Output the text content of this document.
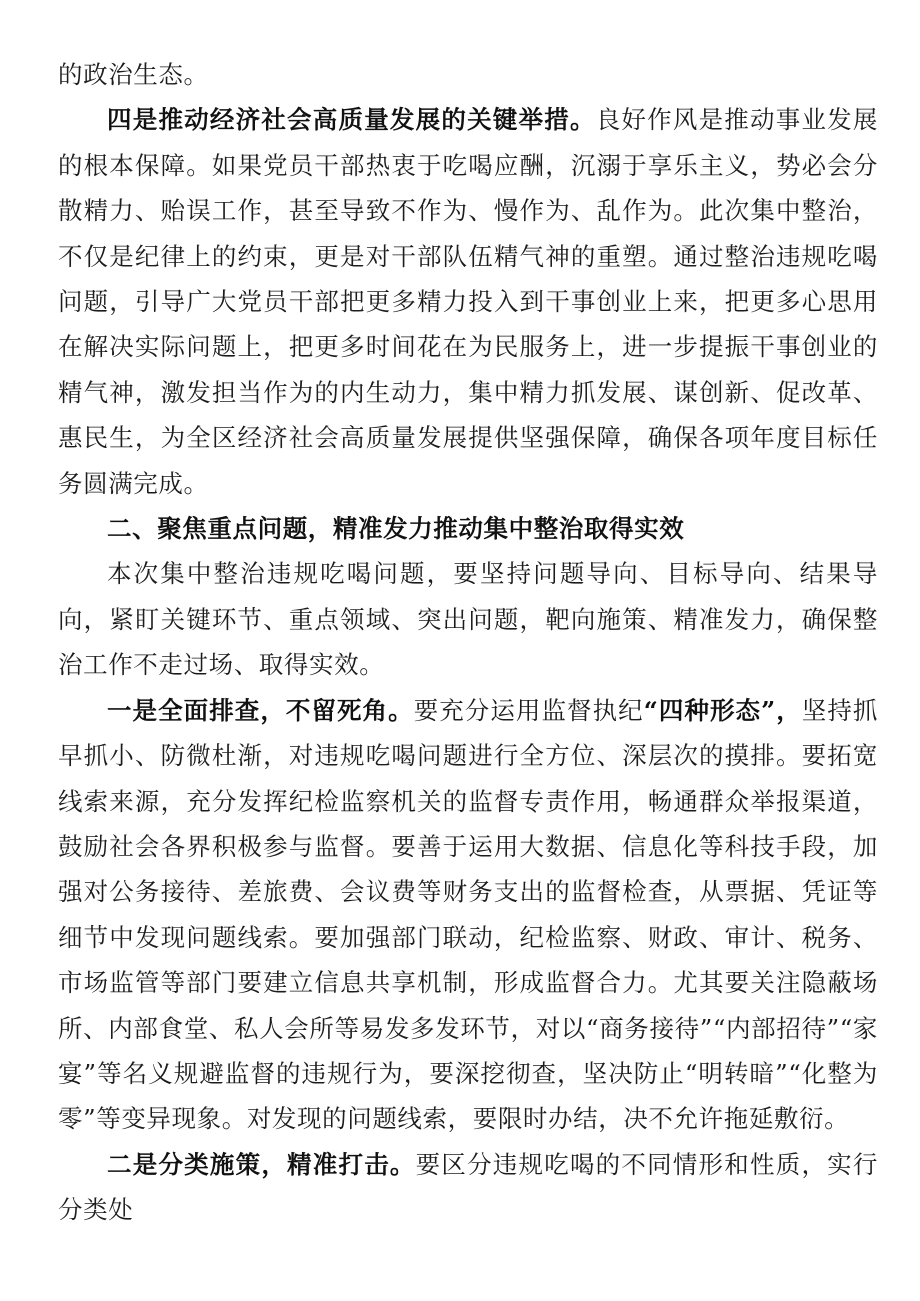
的政治生态。

四是推动经济社会高质量发展的关键举措。良好作风是推动事业发展的根本保障。如果党员干部热衷于吃喝应酬，沉溺于享乐主义，势必会分散精力、贻误工作，甚至导致不作为、慢作为、乱作为。此次集中整治，不仅是纪律上的约束，更是对干部队伍精气神的重塑。通过整治违规吃喝问题，引导广大党员干部把更多精力投入到干事创业上来，把更多心思用在解决实际问题上，把更多时间花在为民服务上，进一步提振干事创业的精气神，激发担当作为的内生动力，集中精力抓发展、谋创新、促改革、惠民生，为全区经济社会高质量发展提供坚强保障，确保各项年度目标任务圆满完成。

二、聚焦重点问题，精准发力推动集中整治取得实效

本次集中整治违规吃喝问题，要坚持问题导向、目标导向、结果导向，紧盯关键环节、重点领域、突出问题，靶向施策、精准发力，确保整治工作不走过场、取得实效。

一是全面排查，不留死角。要充分运用监督执纪“四种形态”，坚持抓早抓小、防微杜渐，对违规吃喝问题进行全方位、深层次的摸排。要拓宽线索来源，充分发挥纪检监察机关的监督专责作用，畅通群众举报渠道，鼓励社会各界积极参与监督。要善于运用大数据、信息化等科技手段，加强对公务接待、差旅费、会议费等财务支出的监督检查，从票据、凭证等细节中发现问题线索。要加强部门联动，纪检监察、财政、审计、税务、市场监管等部门要建立信息共享机制，形成监督合力。尤其要关注隐蔽场所、内部食堂、私人会所等易发多发环节，对以“商务接待”“内部招待”“家宴”等名义规避监督的违规行为，要深挖彻查，坚决防止“明转暗”“化整为零”等变异现象。对发现的问题线索，要限时办结，决不允许拖延敷衍。

二是分类施策，精准打击。要区分违规吃喝的不同情形和性质，实行分类处
